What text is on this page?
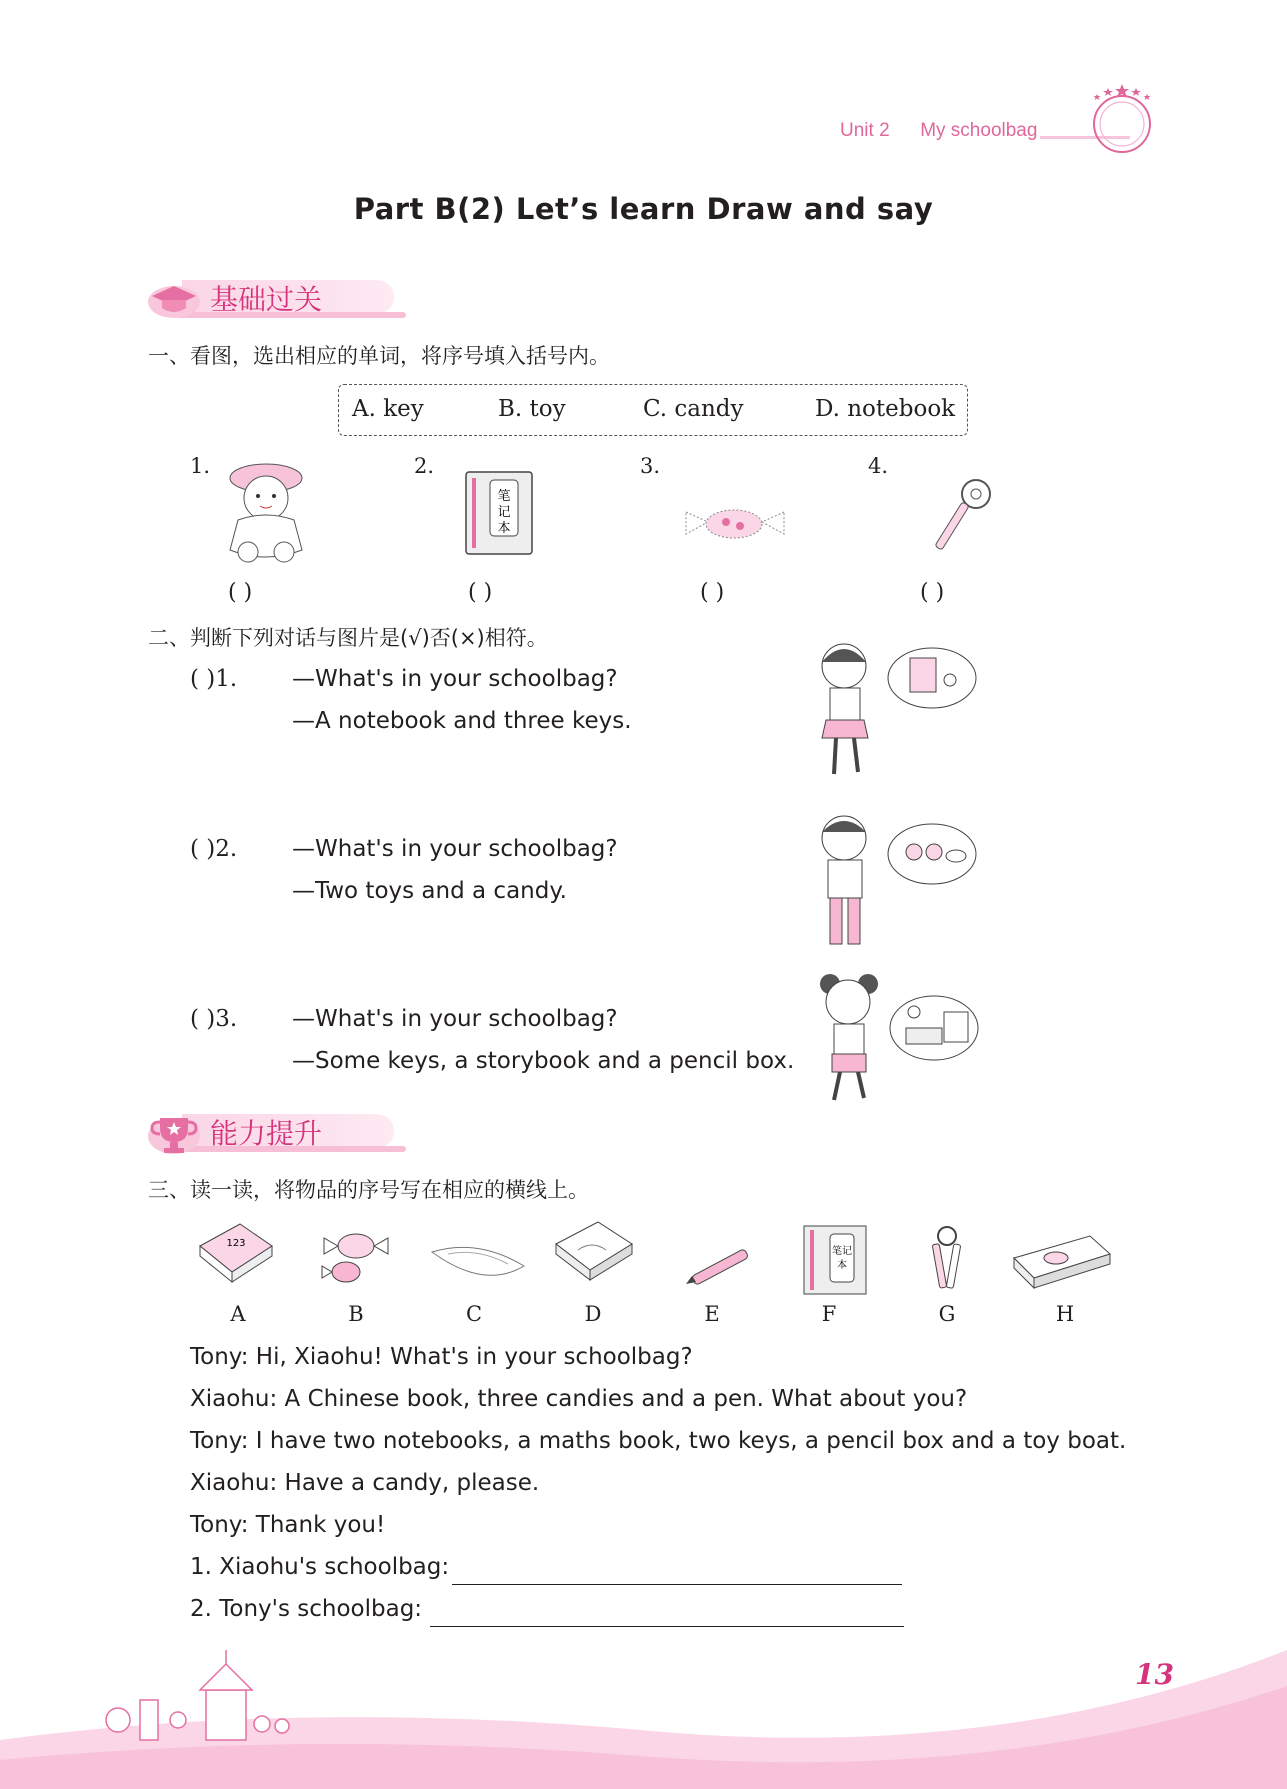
Unit 2 My schoolbag
Part B(2) Let’s learn Draw and say
基础过关
一、看图，选出相应的单词，将序号填入括号内。
A. key	B. toy	C. candy	D. notebook
1.	2.	3.	4.
笔
记
本
( )	( )	( )	( )
二、判断下列对话与图片是(√)否(×)相符。
( )1. —What's in your schoolbag?
—A notebook and three keys.
( )2. —What's in your schoolbag?
—Two toys and a candy.
( )3. —What's in your schoolbag?
—Some keys, a storybook and a pencil box.
能力提升
三、读一读，将物品的序号写在相应的横线上。
123
笔记
本
A	B	C	D	E	F	G	H
Tony: Hi, Xiaohu! What's in your schoolbag?
Xiaohu: A Chinese book, three candies and a pen. What about you?
Tony: I have two notebooks, a maths book, two keys, a pencil box and a toy boat.
Xiaohu: Have a candy, please.
Tony: Thank you!
1. Xiaohu's schoolbag:
2. Tony's schoolbag:
13
